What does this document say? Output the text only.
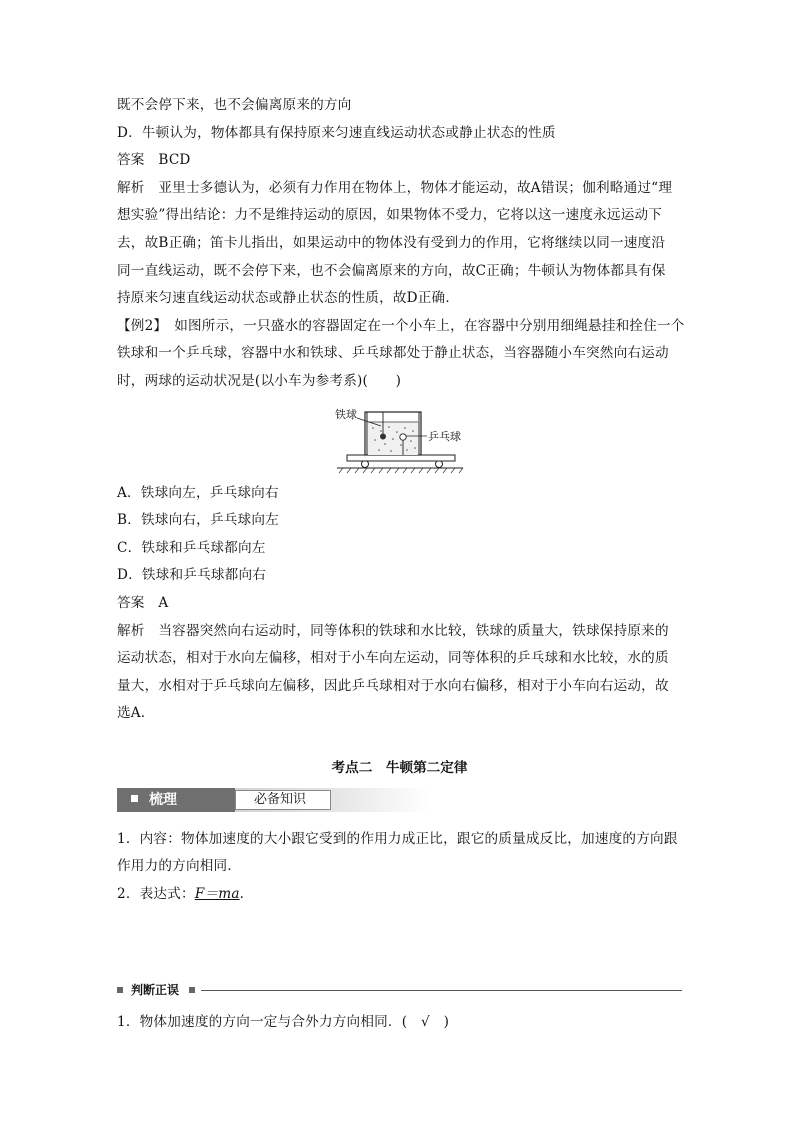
既不会停下来，也不会偏离原来的方向
D．牛顿认为，物体都具有保持原来匀速直线运动状态或静止状态的性质
答案　BCD
解析　亚里士多德认为，必须有力作用在物体上，物体才能运动，故A错误；伽利略通过“理
想实验”得出结论：力不是维持运动的原因，如果物体不受力，它将以这一速度永远运动下
去，故B正确；笛卡儿指出，如果运动中的物体没有受到力的作用，它将继续以同一速度沿
同一直线运动，既不会停下来，也不会偏离原来的方向，故C正确；牛顿认为物体都具有保
持原来匀速直线运动状态或静止状态的性质，故D正确．
【例2】　如图所示，一只盛水的容器固定在一个小车上，在容器中分别用细绳悬挂和拴住一个
铁球和一个乒乓球，容器中水和铁球、乒乓球都处于静止状态，当容器随小车突然向右运动
时，两球的运动状况是(以小车为参考系)(　　)
铁球
乒乓球
A．铁球向左，乒乓球向右
B．铁球向右，乒乓球向左
C．铁球和乒乓球都向左
D．铁球和乒乓球都向右
答案　A
解析　当容器突然向右运动时，同等体积的铁球和水比较，铁球的质量大，铁球保持原来的
运动状态，相对于水向左偏移，相对于小车向左运动，同等体积的乒乓球和水比较，水的质
量大，水相对于乒乓球向左偏移，因此乒乓球相对于水向右偏移，相对于小车向右运动，故
选A.
考点二　牛顿第二定律
梳理	必备知识
1．内容：物体加速度的大小跟它受到的作用力成正比，跟它的质量成反比，加速度的方向跟
作用力的方向相同．
2．表达式：F＝ma.
判断正误
1．物体加速度的方向一定与合外力方向相同．(　√　)
